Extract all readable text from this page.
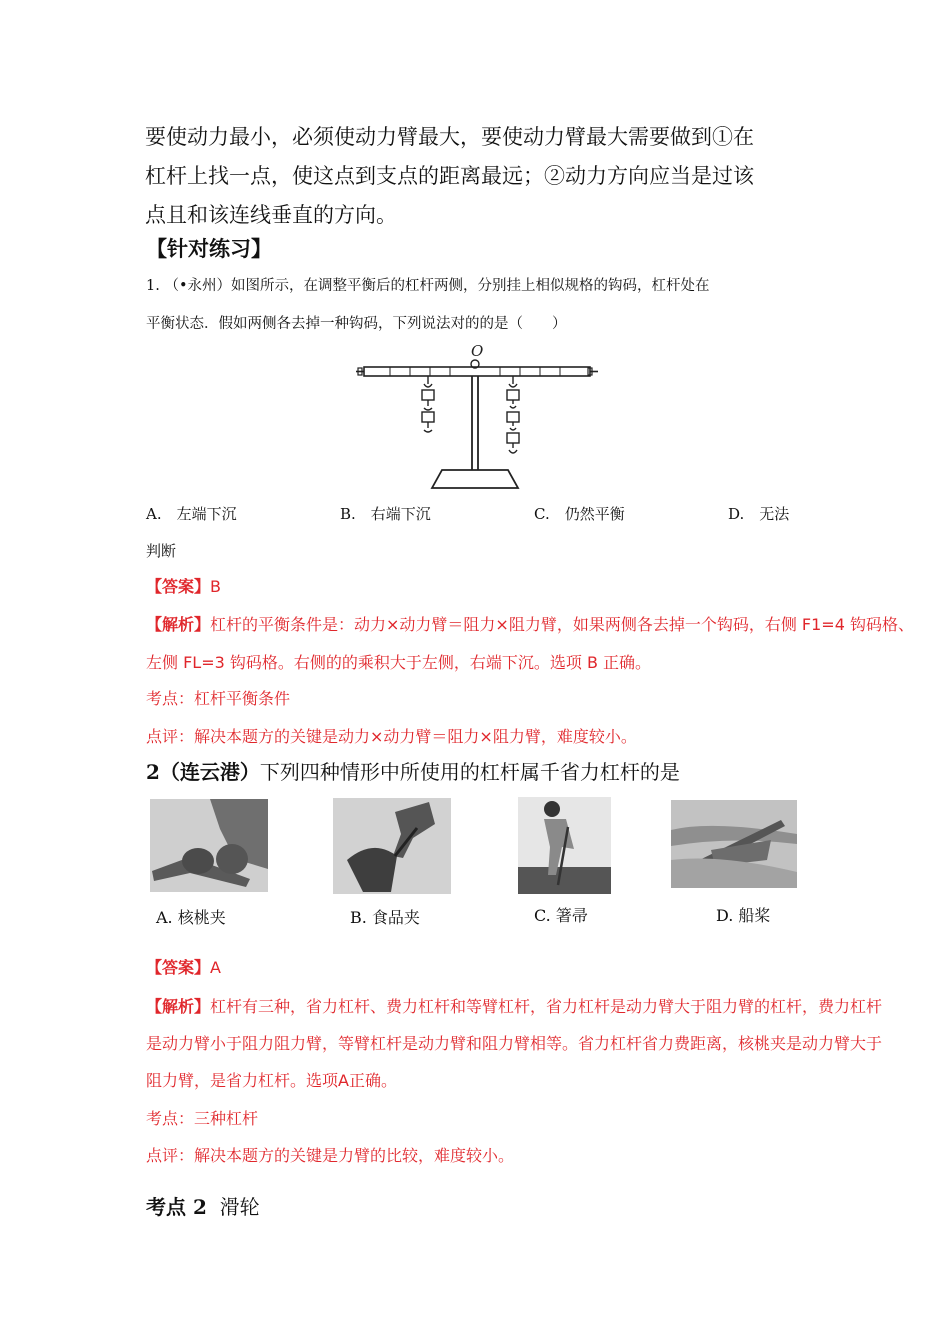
要使动力最小，必须使动力臂最大，要使动力臂最大需要做到①在
杠杆上找一点，使这点到支点的距离最远；②动力方向应当是过该
点且和该连线垂直的方向。
【针对练习】
1. （•永州）如图所示，在调整平衡后的杠杆两侧，分别挂上相似规格的钩码，杠杆处在
平衡状态．假如两侧各去掉一种钩码，下列说法对的的是（　　）
O
A.　左端下沉	B.　右端下沉	C.　仍然平衡	D.　无法
判断
【答案】B
【解析】杠杆的平衡条件是：动力×动力臂＝阻力×阻力臂，如果两侧各去掉一个钩码，右侧 F1=4 钩码格、
左侧 FL=3 钩码格。右侧的的乘积大于左侧，右端下沉。选项 B 正确。
考点：杠杆平衡条件
点评：解决本题方的关键是动力×动力臂＝阻力×阻力臂，难度较小。
2（连云港）下列四种情形中所使用的杠杆属千省力杠杆的是
A. 核桃夹	B. 食品夹	C. 箸帚	D. 船桨
【答案】A
【解析】杠杆有三种，省力杠杆、费力杠杆和等臂杠杆，省力杠杆是动力臂大于阻力臂的杠杆，费力杠杆
是动力臂小于阻力阻力臂，等臂杠杆是动力臂和阻力臂相等。省力杠杆省力费距离，核桃夹是动力臂大于
阻力臂，是省力杠杆。选项A正确。
考点：三种杠杆
点评：解决本题方的关键是力臂的比较，难度较小。
考点 2 滑轮
